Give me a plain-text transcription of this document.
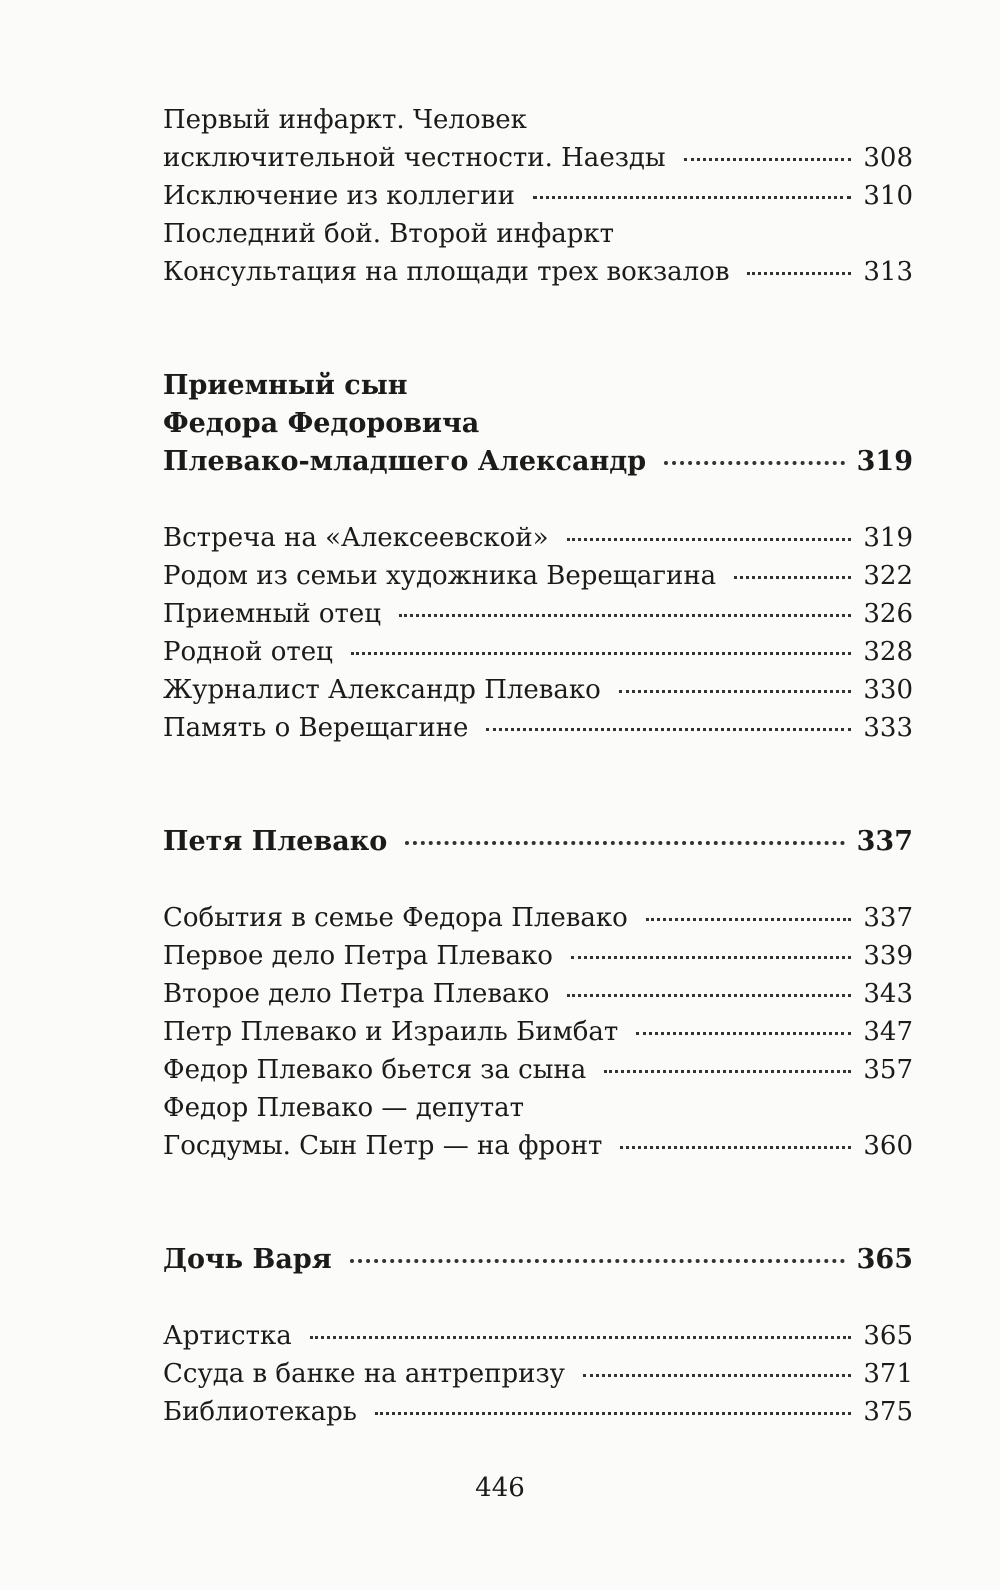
Первый инфаркт. Человек
исключительной честности. Наезды	308
Исключение из коллегии	310
Последний бой. Второй инфаркт
Консультация на площади трех вокзалов	313
Приемный сын
Федора Федоровича
Плевако-младшего Александр	319
Встреча на «Алексеевской»	319
Родом из семьи художника Верещагина	322
Приемный отец	326
Родной отец	328
Журналист Александр Плевако	330
Память о Верещагине	333
Петя Плевако	337
События в семье Федора Плевако	337
Первое дело Петра Плевако	339
Второе дело Петра Плевако	343
Петр Плевако и Израиль Бимбат	347
Федор Плевако бьется за сына	357
Федор Плевако — депутат
Госдумы. Сын Петр — на фронт	360
Дочь Варя	365
Артистка	365
Ссуда в банке на антрепризу	371
Библиотекарь	375
446
